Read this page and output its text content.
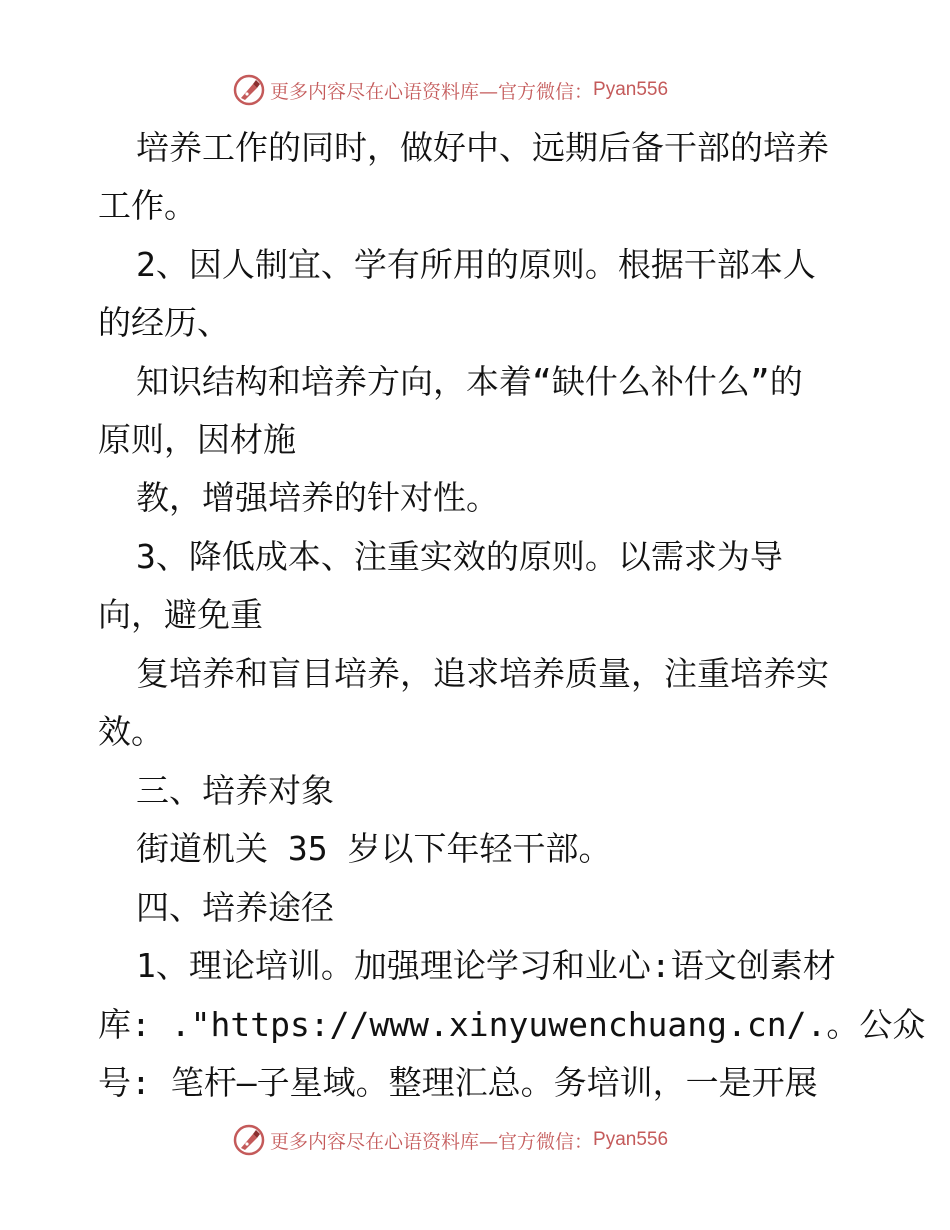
更多内容尽在心语资料库—官方微信： Pyan556
培养工作的同时，做好中、远期后备干部的培养
工作。
2、因人制宜、学有所用的原则。根据干部本人
的经历、
知识结构和培养方向，本着“缺什么补什么”的
原则，因材施
教，增强培养的针对性。
3、降低成本、注重实效的原则。以需求为导
向，避免重
复培养和盲目培养，追求培养质量，注重培养实
效。
三、培养对象
街道机关 35 岁以下年轻干部。
四、培养途径
1、理论培训。加强理论学习和业心:语文创素材
库: ."https://www.xinyuwenchuang.cn/.。公众
号: 笔杆—子星域。整理汇总。务培训，一是开展
更多内容尽在心语资料库—官方微信： Pyan556
